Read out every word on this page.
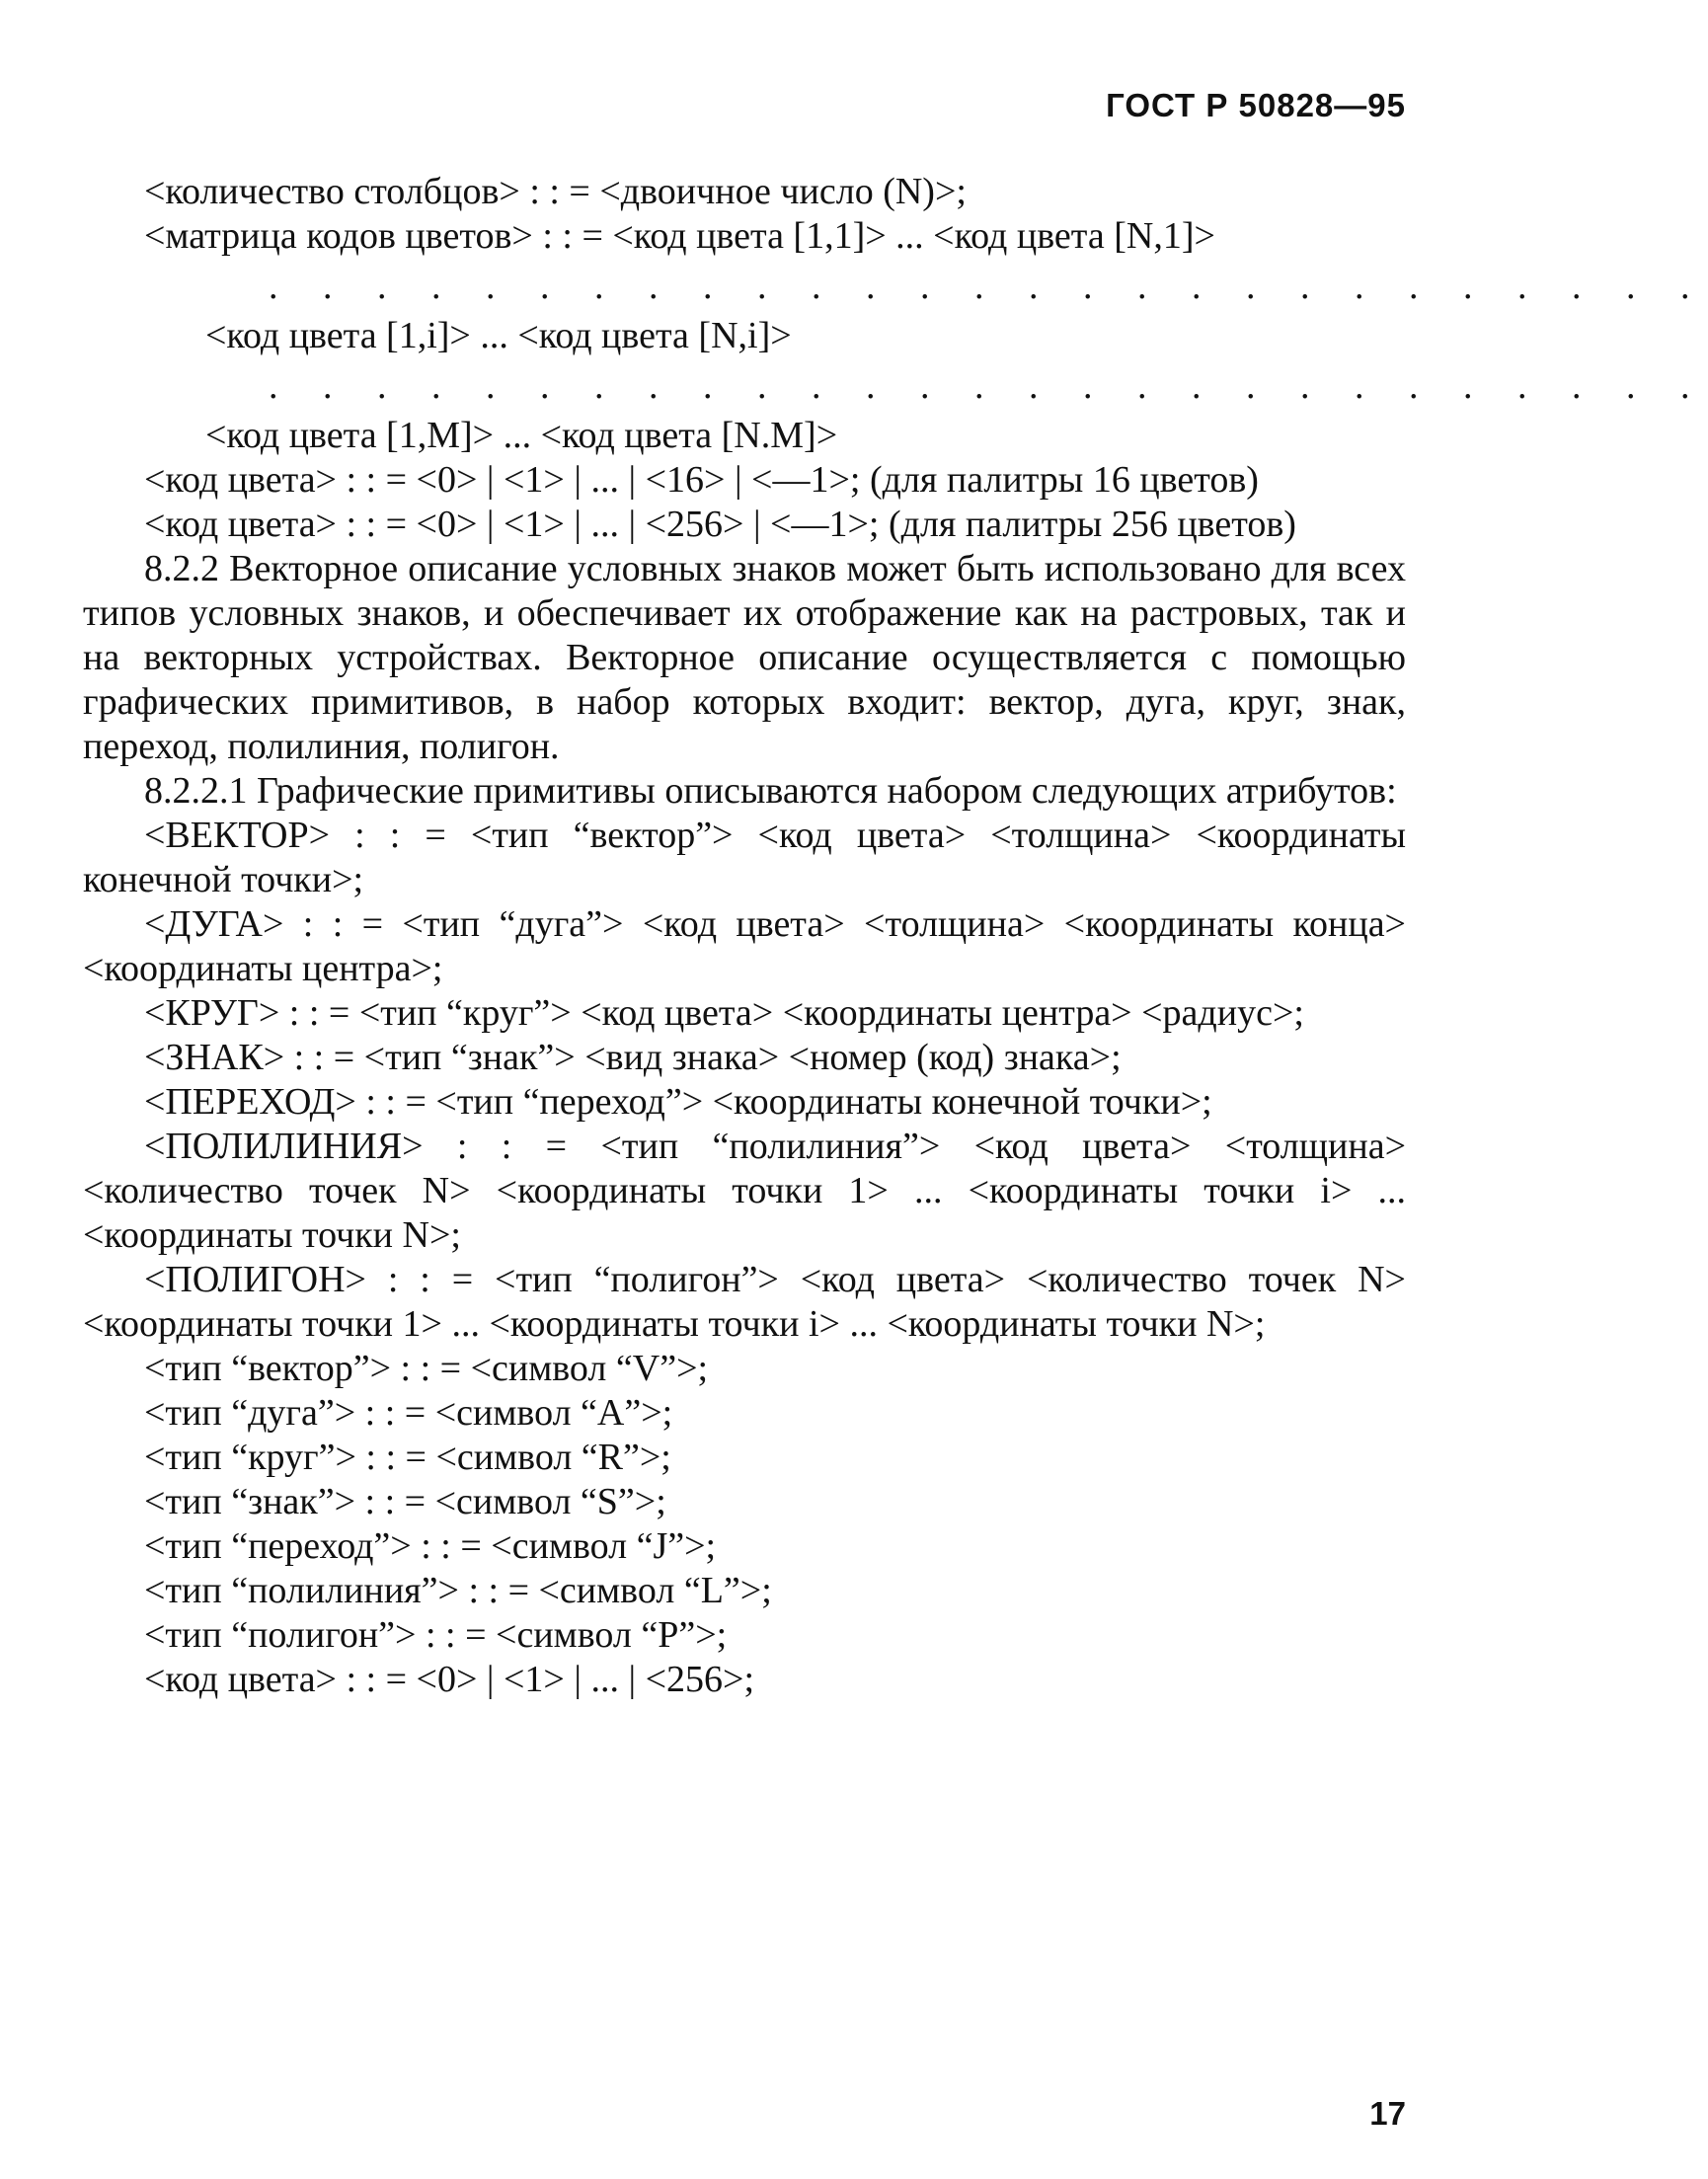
ГОСТ Р 50828—95

<количество столбцов> : : = <двоичное число (N)>;

<матрица кодов цветов> : : = <код цвета [1,1]> ... <код цвета [N,1]>

. . . . . . . . . . . . . . . . . . . . . . . . . . .

<код цвета [1,i]> ... <код цвета [N,i]>

. . . . . . . . . . . . . . . . . . . . . . . . . . .

<код цвета [1,M]> ... <код цвета [N.M]>

<код цвета> : : = <0> | <1> | ... | <16> | <—1>; (для палитры 16 цветов)

<код цвета> : : = <0> | <1> | ... | <256> | <—1>; (для палитры 256 цветов)

8.2.2 Векторное описание условных знаков может быть использовано для всех типов условных знаков, и обеспечивает их отображение как на растровых, так и на векторных устройствах. Векторное описание осуществляется с помощью графических примитивов, в набор которых входит: вектор, дуга, круг, знак, переход, полилиния, полигон.

8.2.2.1 Графические примитивы описываются набором следующих атрибутов:

<ВЕКТОР> : : = <тип “вектор”> <код цвета> <толщина> <координаты конечной точки>;

<ДУГА> : : = <тип “дуга”> <код цвета> <толщина> <координаты конца> <координаты центра>;

<КРУГ> : : = <тип “круг”> <код цвета> <координаты центра> <радиус>;

<ЗНАК> : : = <тип “знак”> <вид знака> <номер (код) знака>;

<ПЕРЕХОД> : : = <тип “переход”> <координаты конечной точки>;

<ПОЛИЛИНИЯ> : : = <тип “полилиния”> <код цвета> <толщина> <количество точек N> <координаты точки 1> ... <координаты точки i> ... <координаты точки N>;

<ПОЛИГОН> : : = <тип “полигон”> <код цвета> <количество точек N> <координаты точки 1> ... <координаты точки i> ... <координаты точки N>;

<тип “вектор”> : : = <символ “V”>;

<тип “дуга”> : : = <символ “A”>;

<тип “круг”> : : = <символ “R”>;

<тип “знак”> : : = <символ “S”>;

<тип “переход”> : : = <символ “J”>;

<тип “полилиния”> : : = <символ “L”>;

<тип “полигон”> : : = <символ “P”>;

<код цвета> : : = <0> | <1> | ... | <256>;

17
